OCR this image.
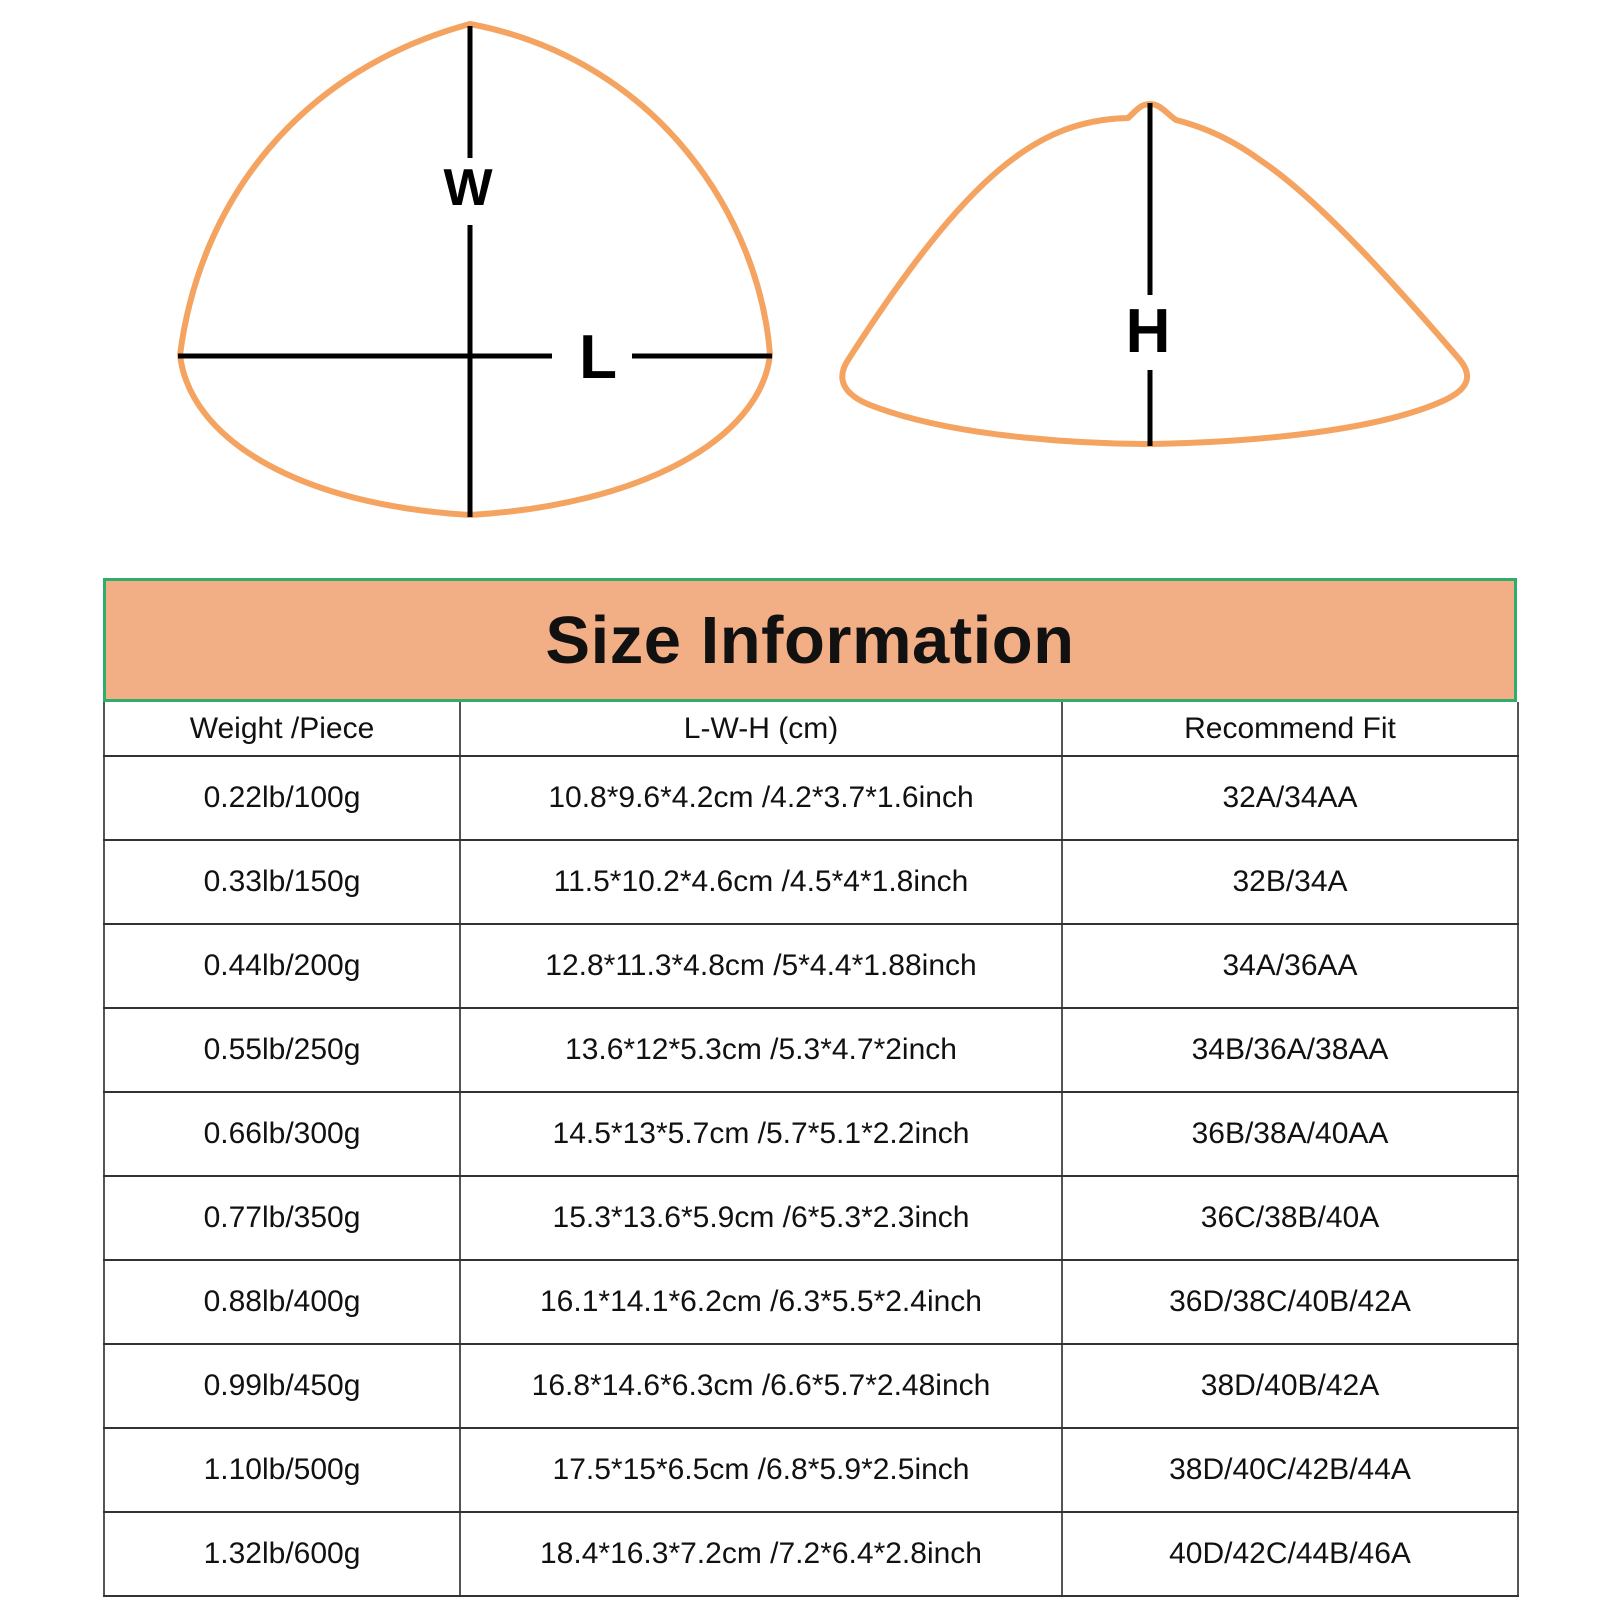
W
L	H
Size Information
Weight /Piece	L-W-H (cm)	Recommend Fit
0.22lb/100g	10.8*9.6*4.2cm /4.2*3.7*1.6inch	32A/34AA
0.33lb/150g	11.5*10.2*4.6cm /4.5*4*1.8inch	32B/34A
0.44lb/200g	12.8*11.3*4.8cm /5*4.4*1.88inch	34A/36AA
0.55lb/250g	13.6*12*5.3cm /5.3*4.7*2inch	34B/36A/38AA
0.66lb/300g	14.5*13*5.7cm /5.7*5.1*2.2inch	36B/38A/40AA
0.77lb/350g	15.3*13.6*5.9cm /6*5.3*2.3inch	36C/38B/40A
0.88lb/400g	16.1*14.1*6.2cm /6.3*5.5*2.4inch	36D/38C/40B/42A
0.99lb/450g	16.8*14.6*6.3cm /6.6*5.7*2.48inch	38D/40B/42A
1.10lb/500g	17.5*15*6.5cm /6.8*5.9*2.5inch	38D/40C/42B/44A
1.32lb/600g	18.4*16.3*7.2cm /7.2*6.4*2.8inch	40D/42C/44B/46A
